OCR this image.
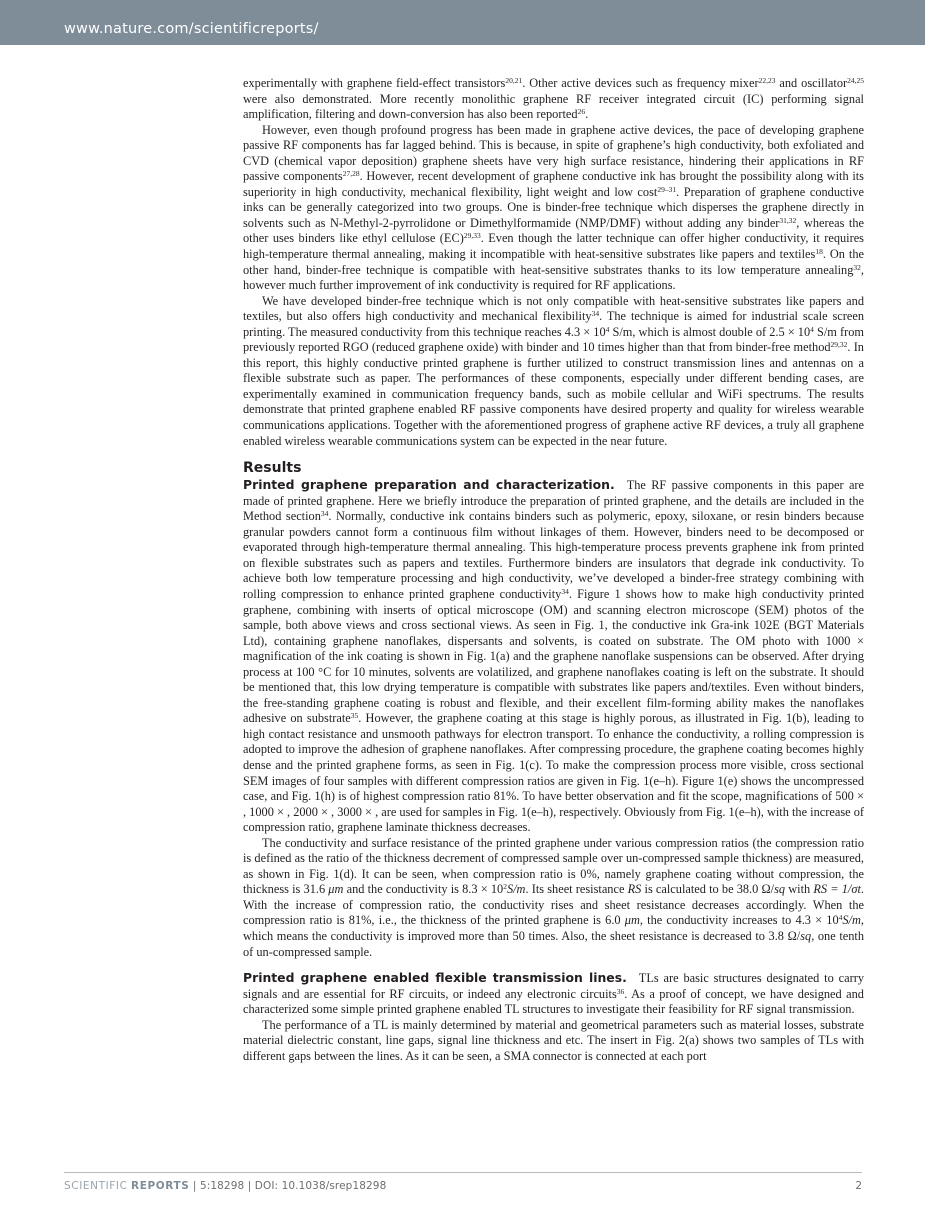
www.nature.com/scientificreports/

experimentally with graphene field-effect transistors$^{20,21}$. Other active devices such as frequency mixer$^{22,23}$ and oscillator$^{24,25}$ were also demonstrated. More recently monolithic graphene RF receiver integrated circuit (IC) performing signal amplification, filtering and down-conversion has also been reported$^{26}$.

However, even though profound progress has been made in graphene active devices, the pace of developing graphene passive RF components has far lagged behind. This is because, in spite of graphene’s high conductivity, both exfoliated and CVD (chemical vapor deposition) graphene sheets have very high surface resistance, hindering their applications in RF passive components$^{27,28}$. However, recent development of graphene conductive ink has brought the possibility along with its superiority in high conductivity, mechanical flexibility, light weight and low cost$^{29-31}$. Preparation of graphene conductive inks can be generally categorized into two groups. One is binder-free technique which disperses the graphene directly in solvents such as N-Methyl-2-pyrrolidone or Dimethylformamide (NMP/DMF) without adding any binder$^{31,32}$, whereas the other uses binders like ethyl cellulose (EC)$^{29,33}$. Even though the latter technique can offer higher conductivity, it requires high-temperature thermal annealing, making it incompatible with heat-sensitive substrates like papers and textiles$^{18}$. On the other hand, binder-free technique is compatible with heat-sensitive substrates thanks to its low temperature annealing$^{32}$, however much further improvement of ink conductivity is required for RF applications.

We have developed binder-free technique which is not only compatible with heat-sensitive substrates like papers and textiles, but also offers high conductivity and mechanical flexibility$^{34}$. The technique is aimed for industrial scale screen printing. The measured conductivity from this technique reaches $4.3 \times 10^4$ S/m, which is almost double of $2.5 \times 10^4$ S/m from previously reported RGO (reduced graphene oxide) with binder and 10 times higher than that from binder-free method$^{29,32}$. In this report, this highly conductive printed graphene is further utilized to construct transmission lines and antennas on a flexible substrate such as paper. The performances of these components, especially under different bending cases, are experimentally examined in communication frequency bands, such as mobile cellular and WiFi spectrums. The results demonstrate that printed graphene enabled RF passive components have desired property and quality for wireless wearable communications applications. Together with the aforementioned progress of graphene active RF devices, a truly all graphene enabled wireless wearable communications system can be expected in the near future.

Results

Printed graphene preparation and characterization. The RF passive components in this paper are made of printed graphene. Here we briefly introduce the preparation of printed graphene, and the details are included in the Method section$^{34}$. Normally, conductive ink contains binders such as polymeric, epoxy, siloxane, or resin binders because granular powders cannot form a continuous film without linkages of them. However, binders need to be decomposed or evaporated through high-temperature thermal annealing. This high-temperature process prevents graphene ink from printed on flexible substrates such as papers and textiles. Furthermore binders are insulators that degrade ink conductivity. To achieve both low temperature processing and high conductivity, we’ve developed a binder-free strategy combining with rolling compression to enhance printed graphene conductivity$^{34}$. Figure 1 shows how to make high conductivity printed graphene, combining with inserts of optical microscope (OM) and scanning electron microscope (SEM) photos of the sample, both above views and cross sectional views. As seen in Fig. 1, the conductive ink Gra-ink 102E (BGT Materials Ltd), containing graphene nanoflakes, dispersants and solvents, is coated on substrate. The OM photo with 1000 × magnification of the ink coating is shown in Fig. 1(a) and the graphene nanoflake suspensions can be observed. After drying process at 100 °C for 10 minutes, solvents are volatilized, and graphene nanoflakes coating is left on the substrate. It should be mentioned that, this low drying temperature is compatible with substrates like papers and/textiles. Even without binders, the free-standing graphene coating is robust and flexible, and their excellent film-forming ability makes the nanoflakes adhesive on substrate$^{35}$. However, the graphene coating at this stage is highly porous, as illustrated in Fig. 1(b), leading to high contact resistance and unsmooth pathways for electron transport. To enhance the conductivity, a rolling compression is adopted to improve the adhesion of graphene nanoflakes. After compressing procedure, the graphene coating becomes highly dense and the printed graphene forms, as seen in Fig. 1(c). To make the compression process more visible, cross sectional SEM images of four samples with different compression ratios are given in Fig. 1(e–h). Figure 1(e) shows the uncompressed case, and Fig. 1(h) is of highest compression ratio 81%. To have better observation and fit the scope, magnifications of 500 × , 1000 × , 2000 × , 3000 × , are used for samples in Fig. 1(e–h), respectively. Obviously from Fig. 1(e–h), with the increase of compression ratio, graphene laminate thickness decreases.

The conductivity and surface resistance of the printed graphene under various compression ratios (the compression ratio is defined as the ratio of the thickness decrement of compressed sample over un-compressed sample thickness) are measured, as shown in Fig. 1(d). It can be seen, when compression ratio is 0%, namely graphene coating without compression, the thickness is 31.6 μm and the conductivity is $8.3 \times 10^2S/m$. Its sheet resistance RS is calculated to be 38.0 Ω/sq with RS = 1/σt. With the increase of compression ratio, the conductivity rises and sheet resistance decreases accordingly. When the compression ratio is 81%, i.e., the thickness of the printed graphene is 6.0 μm, the conductivity increases to $4.3 \times 10^4S/m$, which means the conductivity is improved more than 50 times. Also, the sheet resistance is decreased to 3.8 Ω/sq, one tenth of un-compressed sample.

Printed graphene enabled flexible transmission lines. TLs are basic structures designated to carry signals and are essential for RF circuits, or indeed any electronic circuits$^{36}$. As a proof of concept, we have designed and characterized some simple printed graphene enabled TL structures to investigate their feasibility for RF signal transmission.

The performance of a TL is mainly determined by material and geometrical parameters such as material losses, substrate material dielectric constant, line gaps, signal line thickness and etc. The insert in Fig. 2(a) shows two samples of TLs with different gaps between the lines. As it can be seen, a SMA connector is connected at each port

SCIENTIFIC REPORTS | 5:18298 | DOI: 10.1038/srep18298	2
